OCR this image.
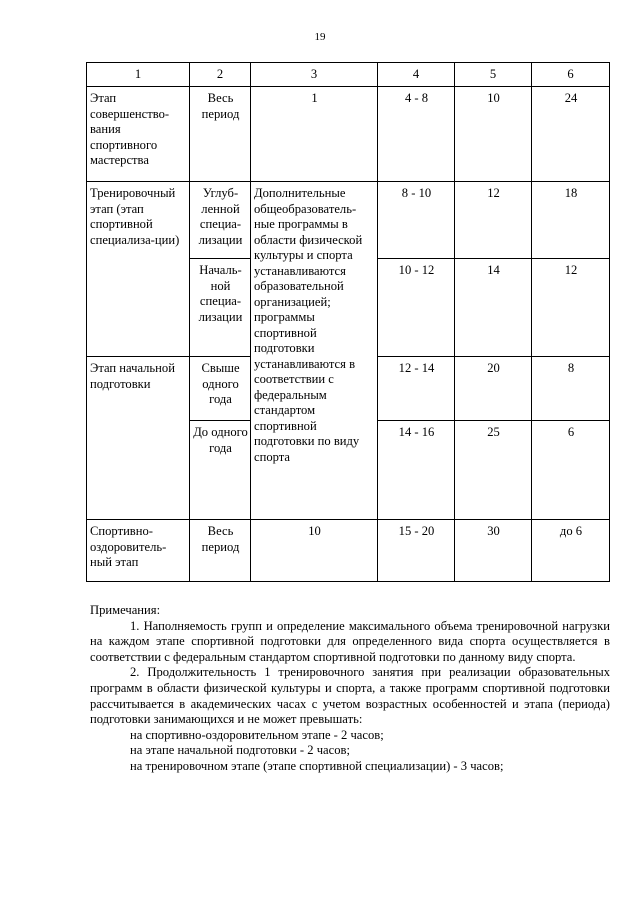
19
1	2	3	4	5	6
Этап совершенство-вания спортивного мастерства	Весь период	1	4 - 8	10	24
Тренировочный этап (этап спортивной специализа-ции)	Углуб-ленной специа-лизации	Дополнительные общеобразователь-ные программы в области физической культуры и спорта устанавливаются образовательной организацией; программы спортивной подготовки устанавливаются в соответствии с федеральным стандартом спортивной подготовки по виду спорта	8 - 10	12	18
	Началь-ной специа-лизации		10 - 12	14	12
Этап начальной подготовки	Свыше одного года		12 - 14	20	8
	До одного года		14 - 16	25	6
Спортивно-оздоровитель-ный этап	Весь период	10	15 - 20	30	до 6

Примечания:

1. Наполняемость групп и определение максимального объема тренировочной нагрузки на каждом этапе спортивной подготовки для определенного вида спорта осуществляется в соответствии с федеральным стандартом спортивной подготовки по данному виду спорта.

2. Продолжительность 1 тренировочного занятия при реализации образовательных программ в области физической культуры и спорта, а также программ спортивной подготовки рассчитывается в академических часах с учетом возрастных особенностей и этапа (периода) подготовки занимающихся и не может превышать:

на спортивно-оздоровительном этапе - 2 часов;

на этапе начальной подготовки - 2 часов;

на тренировочном этапе (этапе спортивной специализации) - 3 часов;
